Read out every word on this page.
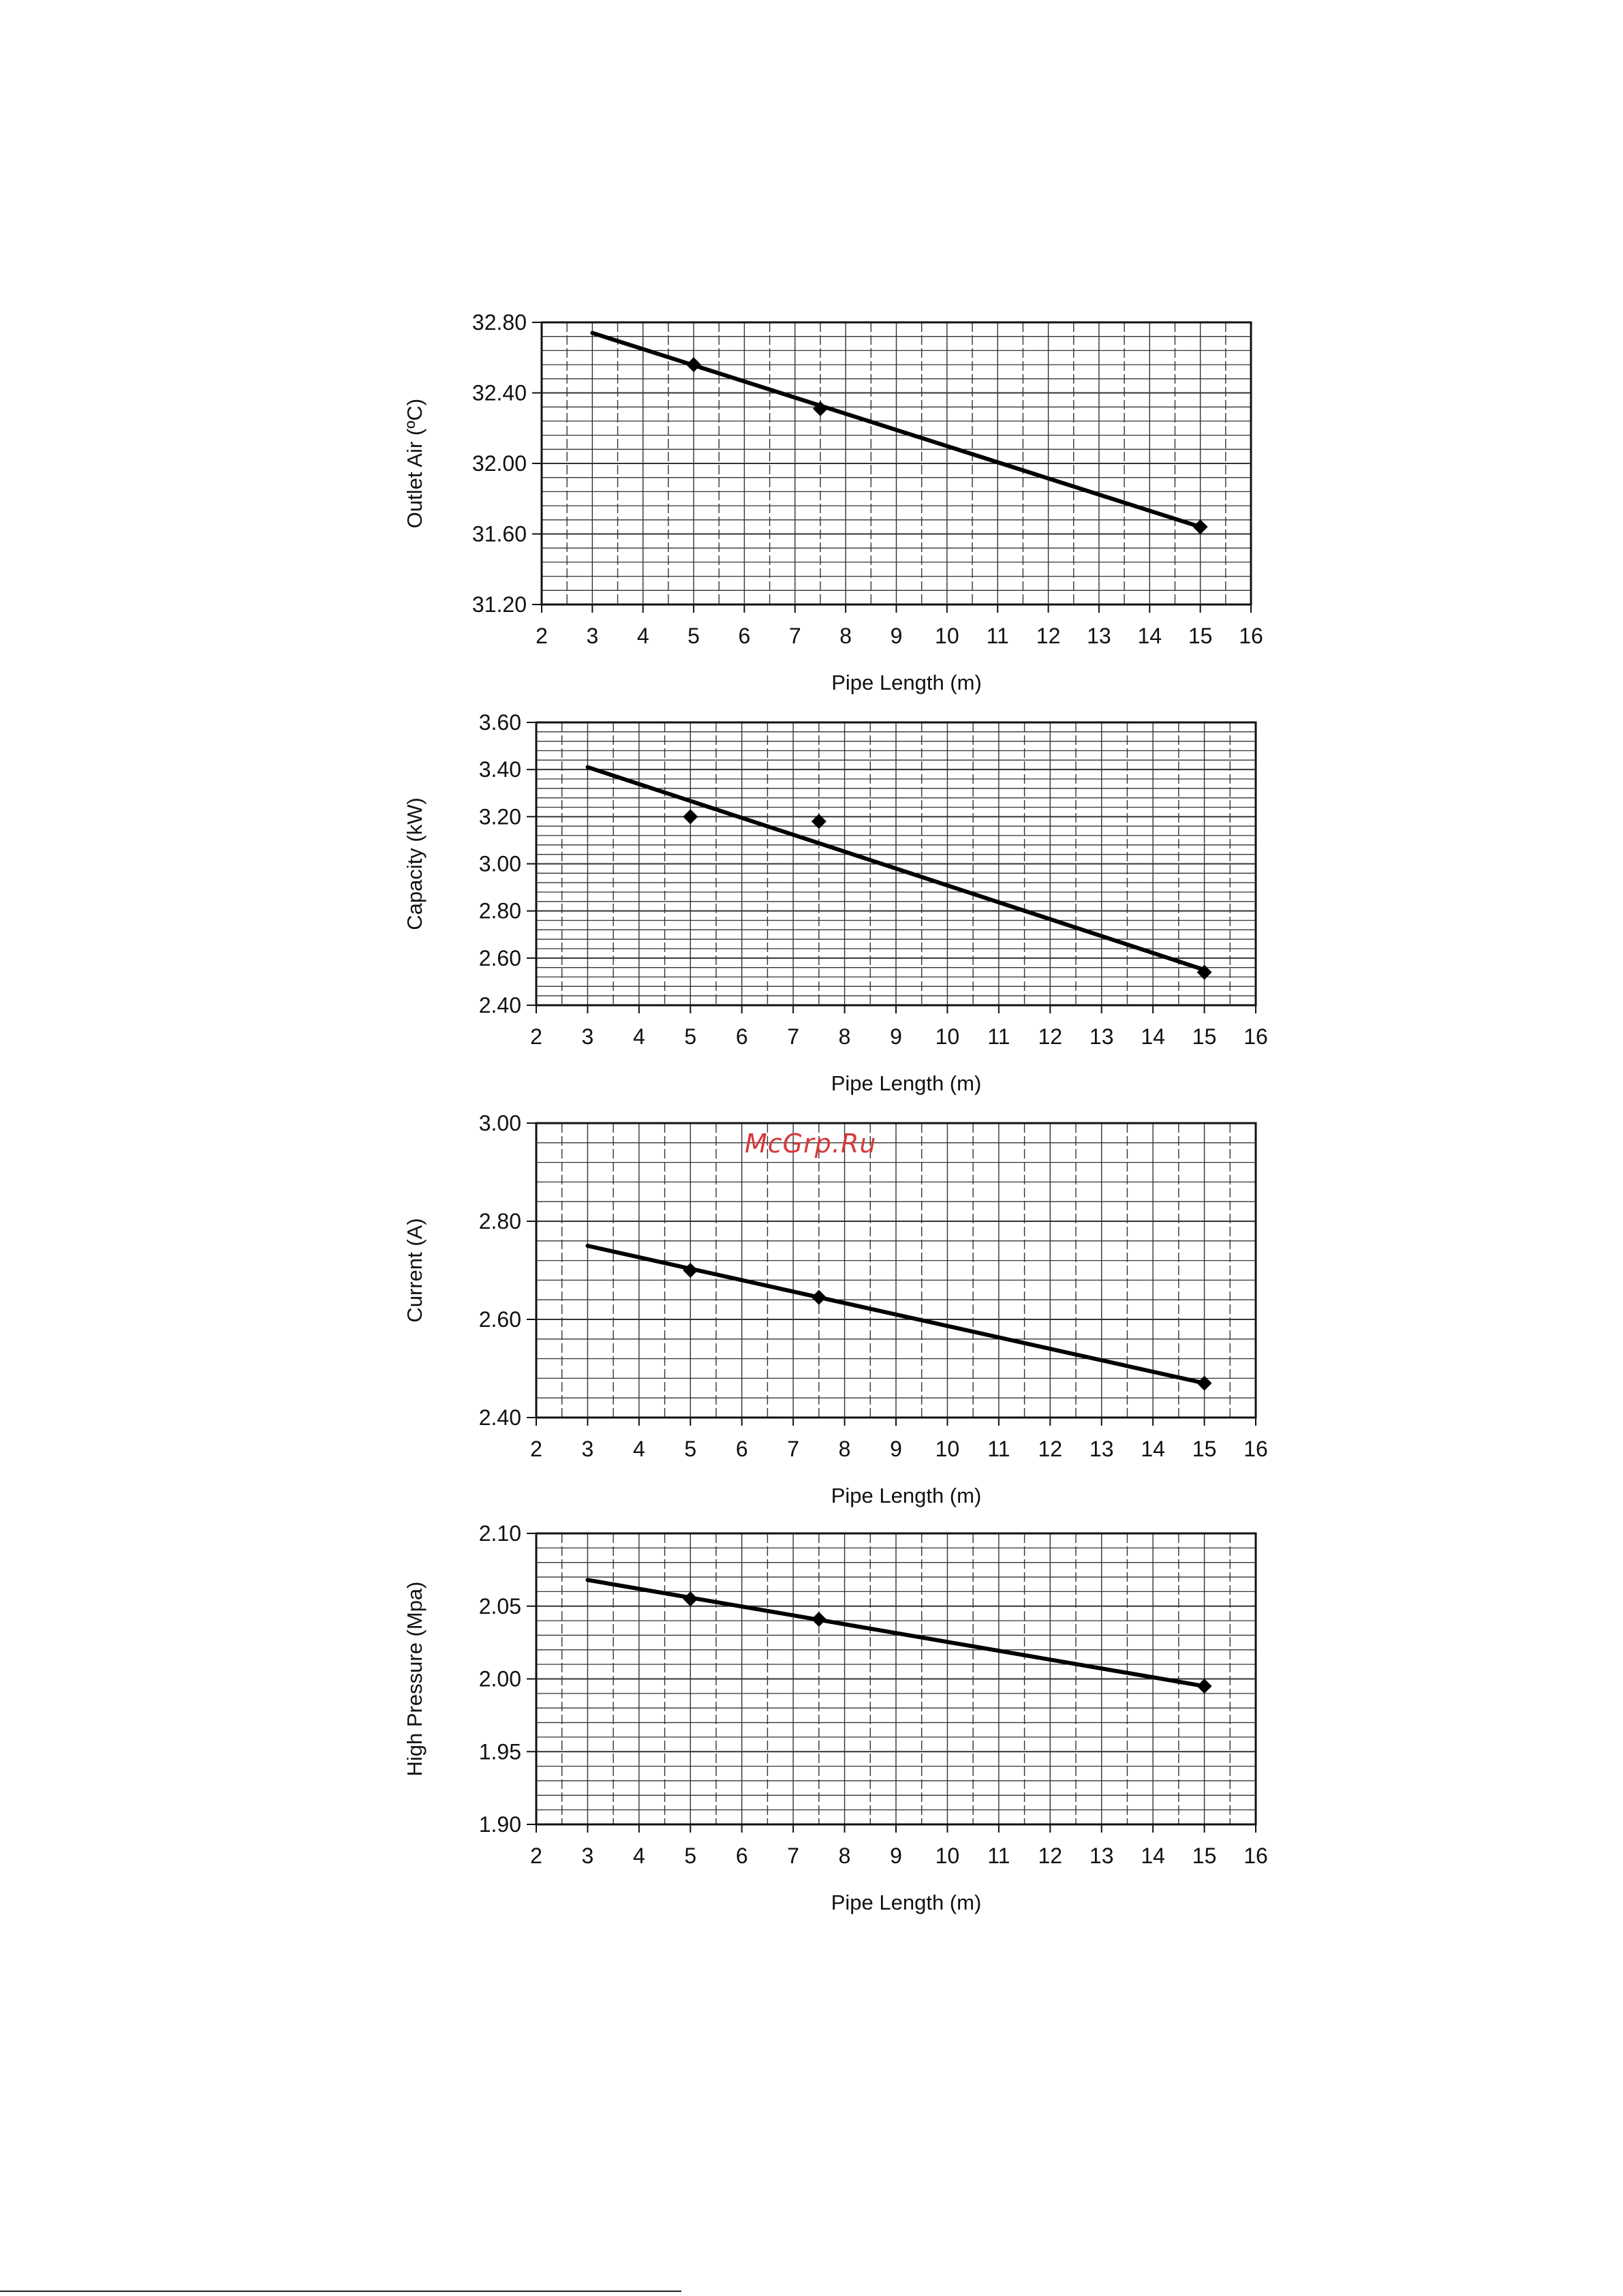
2 3 4 5 6 7 8 9 10 11 12 13 14 15 16
31.20
31.60
32.00
32.40
32.80
Pipe Length (m)
Outlet Air (ºC)
2 3 4 5 6 7 8 9 10 11 12 13 14 15 16
2.40
2.60
2.80
3.00
3.20
3.40
3.60
Pipe Length (m)
Capacity (kW)
2 3 4 5 6 7 8 9 10 11 12 13 14 15 16
2.40
2.60
2.80
3.00
Pipe Length (m)
Current (A)
2 3 4 5 6 7 8 9 10 11 12 13 14 15 16
1.90
1.95
2.00
2.05
2.10
Pipe Length (m)
High Pressure (Mpa)
McGrp.Ru
